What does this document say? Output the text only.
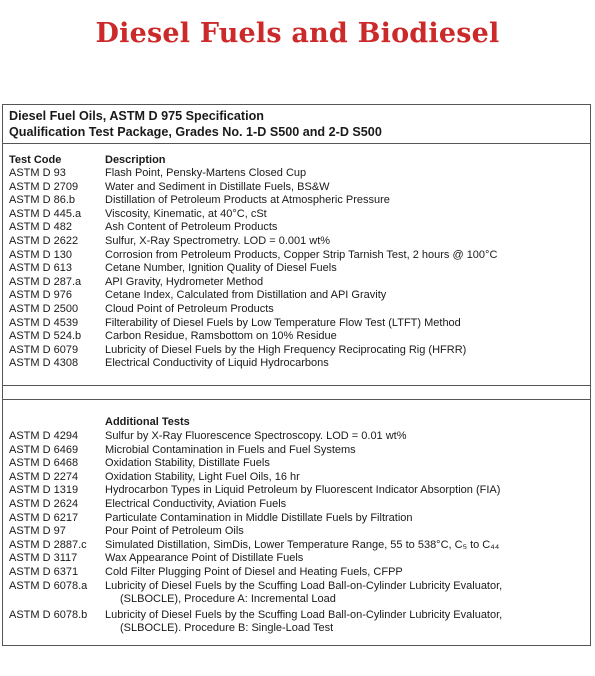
Diesel Fuels and Biodiesel
Diesel Fuel Oils, ASTM D 975 Specification
Qualification Test Package, Grades No. 1-D S500 and 2-D S500
Test Code	Description
ASTM D 93	Flash Point, Pensky-Martens Closed Cup
ASTM D 2709 Water and Sediment in Distillate Fuels, BS&W
ASTM D 86.b	Distillation of Petroleum Products at Atmospheric Pressure
ASTM D 445.a Viscosity, Kinematic, at 40°C, cSt
ASTM D 482	Ash Content of Petroleum Products
ASTM D 2622 Sulfur, X-Ray Spectrometry. LOD = 0.001 wt%
ASTM D 130	Corrosion from Petroleum Products, Copper Strip Tarnish Test, 2 hours @ 100°C
ASTM D 613	Cetane Number, Ignition Quality of Diesel Fuels
ASTM D 287.a API Gravity, Hydrometer Method
ASTM D 976	Cetane Index, Calculated from Distillation and API Gravity
ASTM D 2500 Cloud Point of Petroleum Products
ASTM D 4539 Filterability of Diesel Fuels by Low Temperature Flow Test (LTFT) Method
ASTM D 524.b Carbon Residue, Ramsbottom on 10% Residue
ASTM D 6079 Lubricity of Diesel Fuels by the High Frequency Reciprocating Rig (HFRR)
ASTM D 4308 Electrical Conductivity of Liquid Hydrocarbons
Additional Tests
ASTM D 4294 Sulfur by X-Ray Fluorescence Spectroscopy. LOD = 0.01 wt%
ASTM D 6469 Microbial Contamination in Fuels and Fuel Systems
ASTM D 6468 Oxidation Stability, Distillate Fuels
ASTM D 2274 Oxidation Stability, Light Fuel Oils, 16 hr
ASTM D 1319 Hydrocarbon Types in Liquid Petroleum by Fluorescent Indicator Absorption (FIA)
ASTM D 2624 Electrical Conductivity, Aviation Fuels
ASTM D 6217 Particulate Contamination in Middle Distillate Fuels by Filtration
ASTM D 97	Pour Point of Petroleum Oils
ASTM D 2887.c Simulated Distillation, SimDis, Lower Temperature Range, 55 to 538°C, C₅ to C₄₄
ASTM D 3117	Wax Appearance Point of Distillate Fuels
ASTM D 6371 Cold Filter Plugging Point of Diesel and Heating Fuels, CFPP
ASTM D 6078.a Lubricity of Diesel Fuels by the Scuffing Load Ball-on-Cylinder Lubricity Evaluator,
(SLBOCLE), Procedure A: Incremental Load
ASTM D 6078.b Lubricity of Diesel Fuels by the Scuffing Load Ball-on-Cylinder Lubricity Evaluator,
(SLBOCLE). Procedure B: Single-Load Test
